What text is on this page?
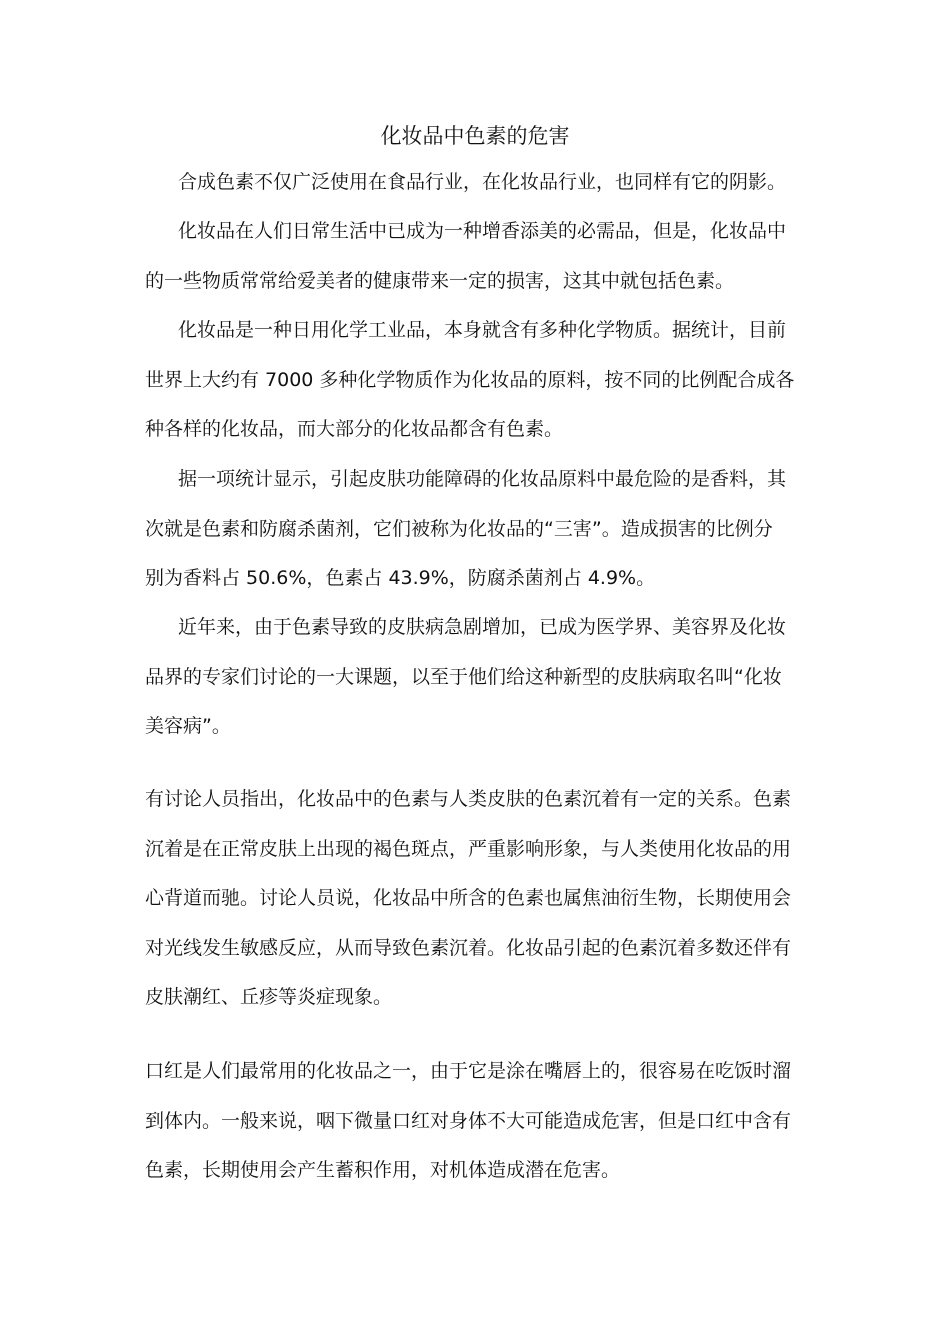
化妆品中色素的危害
合成色素不仅广泛使用在食品行业，在化妆品行业，也同样有它的阴影。
化妆品在人们日常生活中已成为一种增香添美的必需品，但是，化妆品中
的一些物质常常给爱美者的健康带来一定的损害，这其中就包括色素。
化妆品是一种日用化学工业品，本身就含有多种化学物质。据统计，目前
世界上大约有 7000 多种化学物质作为化妆品的原料，按不同的比例配合成各
种各样的化妆品，而大部分的化妆品都含有色素。
据一项统计显示，引起皮肤功能障碍的化妆品原料中最危险的是香料，其
次就是色素和防腐杀菌剂，它们被称为化妆品的“三害”。造成损害的比例分
别为香料占 50.6%，色素占 43.9%，防腐杀菌剂占 4.9%。
近年来，由于色素导致的皮肤病急剧增加，已成为医学界、美容界及化妆
品界的专家们讨论的一大课题，以至于他们给这种新型的皮肤病取名叫“化妆
美容病”。
有讨论人员指出，化妆品中的色素与人类皮肤的色素沉着有一定的关系。色素
沉着是在正常皮肤上出现的褐色斑点，严重影响形象，与人类使用化妆品的用
心背道而驰。讨论人员说，化妆品中所含的色素也属焦油衍生物，长期使用会
对光线发生敏感反应，从而导致色素沉着。化妆品引起的色素沉着多数还伴有
皮肤潮红、丘疹等炎症现象。
口红是人们最常用的化妆品之一，由于它是涂在嘴唇上的，很容易在吃饭时溜
到体内。一般来说，咽下微量口红对身体不大可能造成危害，但是口红中含有
色素，长期使用会产生蓄积作用，对机体造成潜在危害。
